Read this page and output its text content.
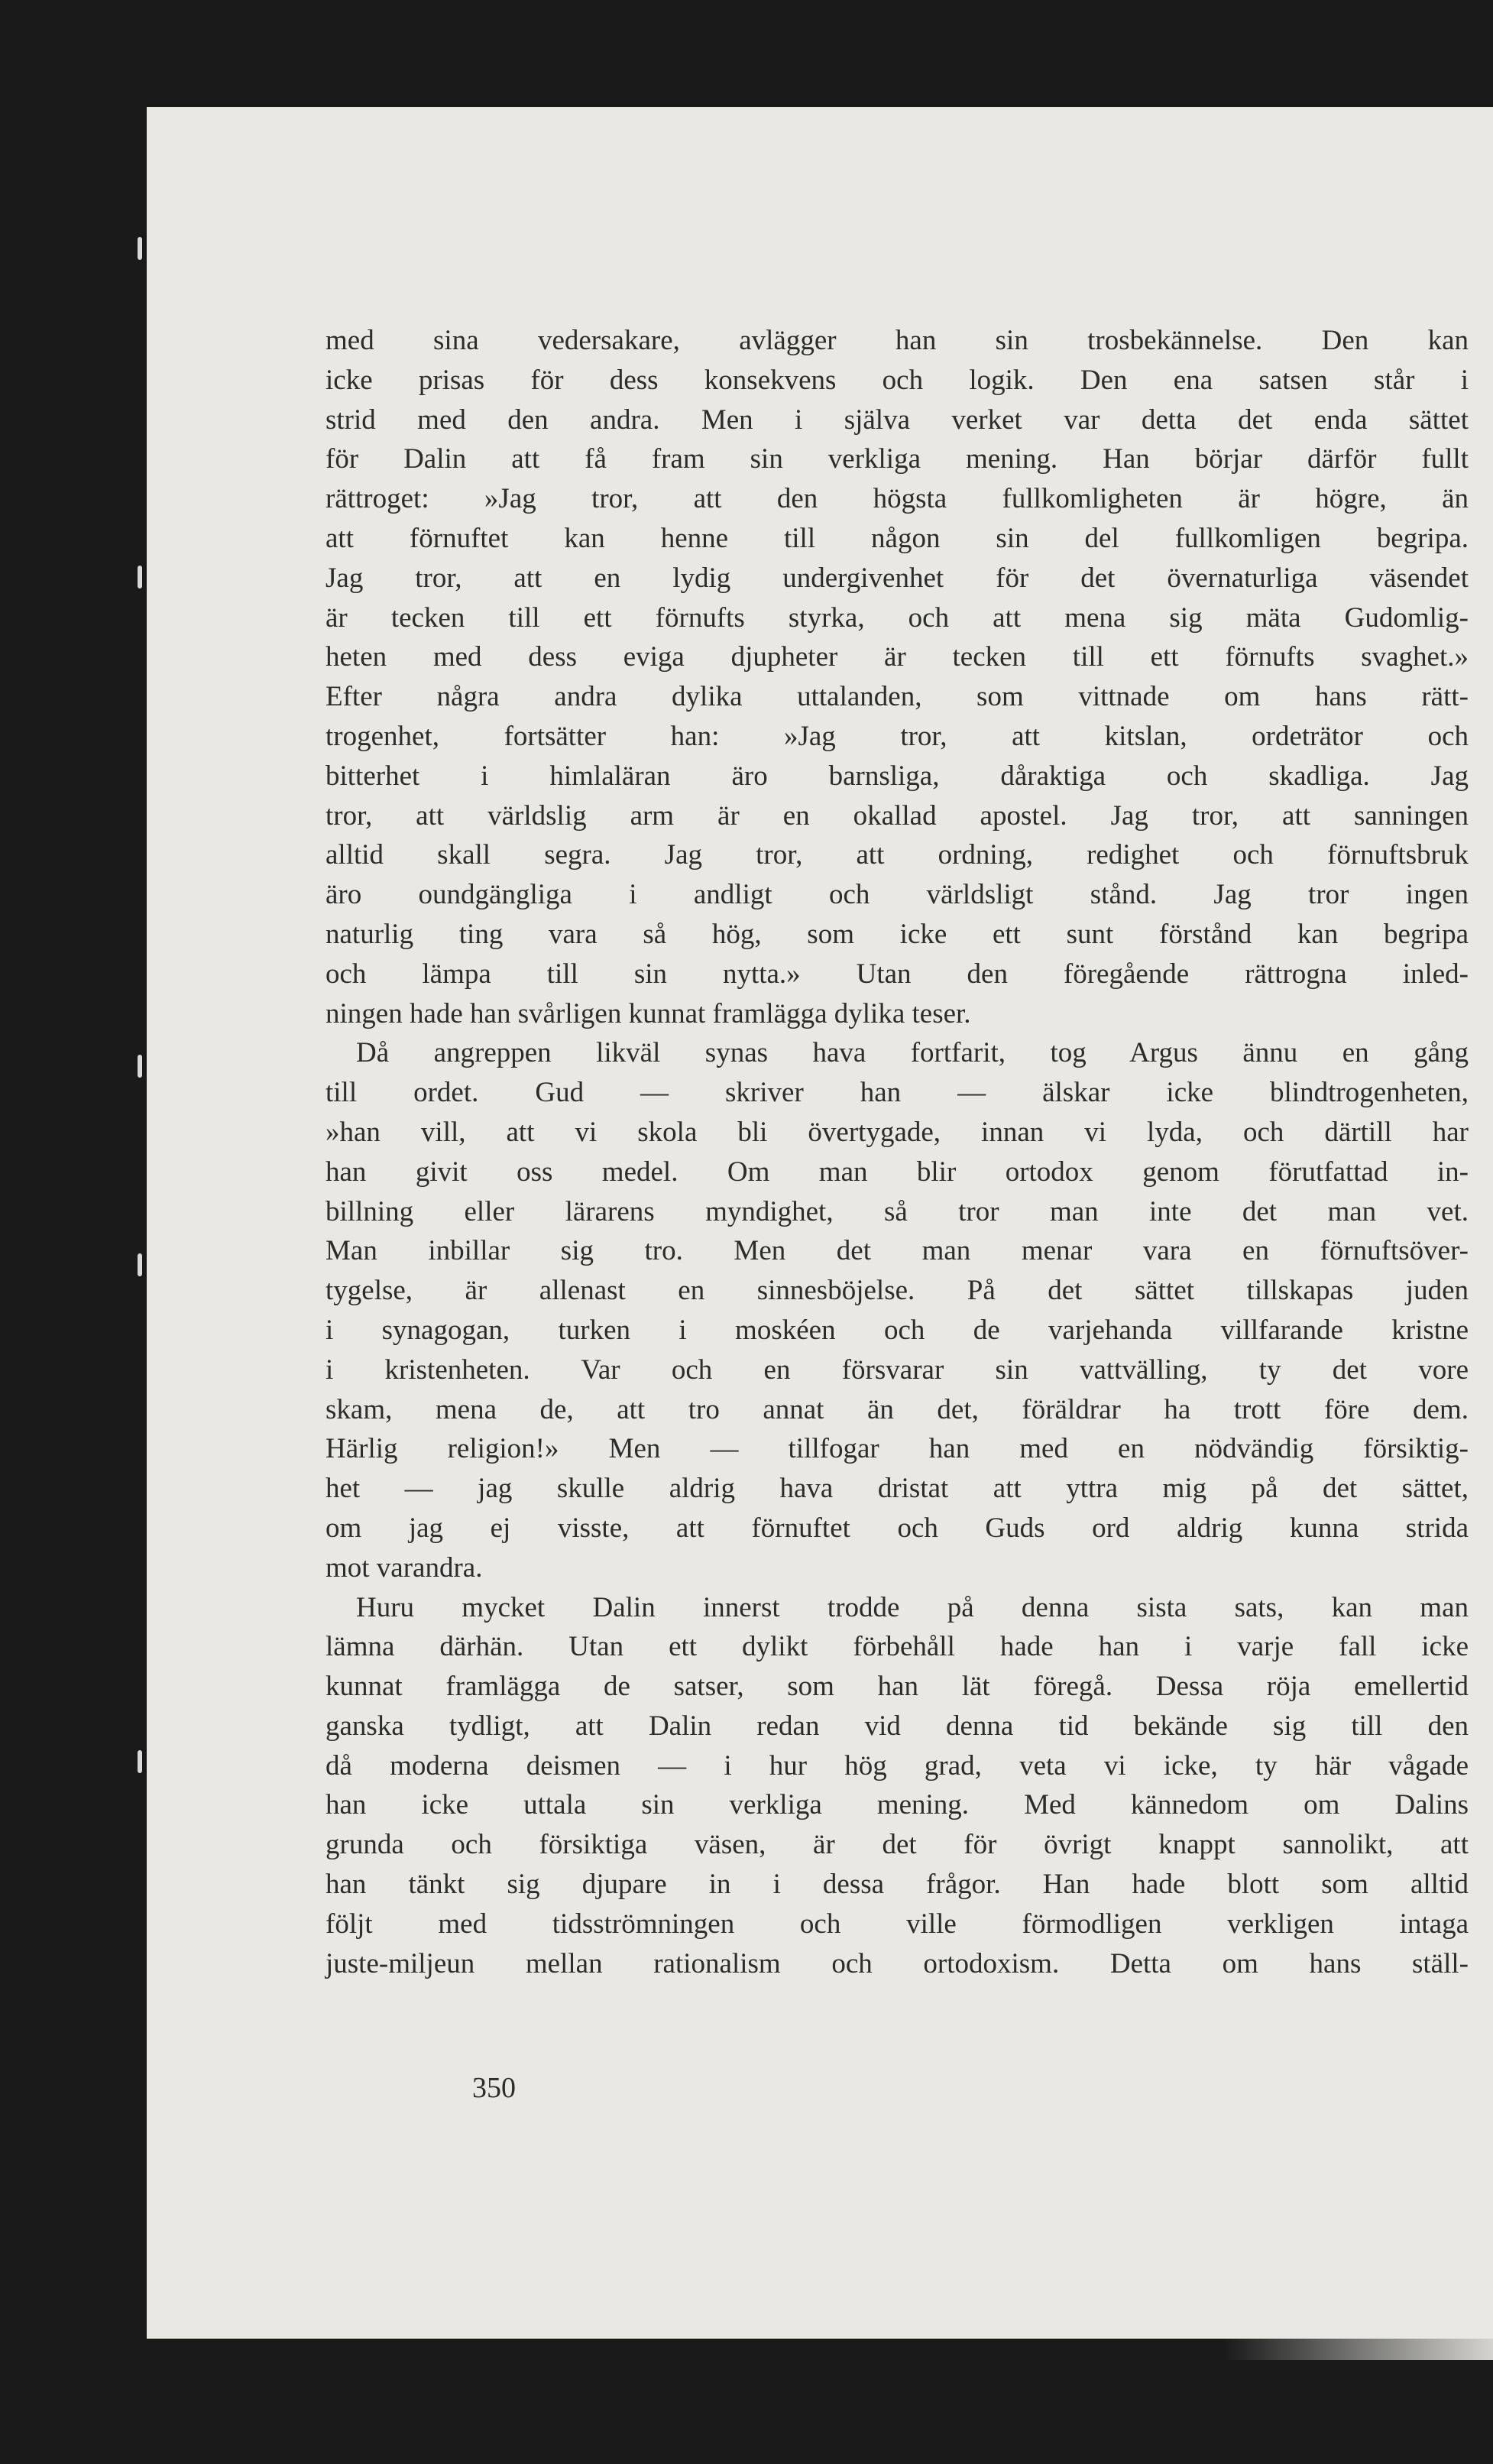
med sina vedersakare, avlägger han sin trosbekännelse. Den kan
icke prisas för dess konsekvens och logik. Den ena satsen står i
strid med den andra. Men i själva verket var detta det enda sättet
för Dalin att få fram sin verkliga mening. Han börjar därför fullt
rättroget: »Jag tror, att den högsta fullkomligheten är högre, än
att förnuftet kan henne till någon sin del fullkomligen begripa.
Jag tror, att en lydig undergivenhet för det övernaturliga väsendet
är tecken till ett förnufts styrka, och att mena sig mäta Gudomlig-
heten med dess eviga djupheter är tecken till ett förnufts svaghet.»
Efter några andra dylika uttalanden, som vittnade om hans rätt-
trogenhet, fortsätter han: »Jag tror, att kitslan, ordeträtor och
bitterhet i himlaläran äro barnsliga, dåraktiga och skadliga. Jag
tror, att världslig arm är en okallad apostel. Jag tror, att sanningen
alltid skall segra. Jag tror, att ordning, redighet och förnuftsbruk
äro oundgängliga i andligt och världsligt stånd. Jag tror ingen
naturlig ting vara så hög, som icke ett sunt förstånd kan begripa
och lämpa till sin nytta.» Utan den föregående rättrogna inled-
ningen hade han svårligen kunnat framlägga dylika teser.
Då angreppen likväl synas hava fortfarit, tog Argus ännu en gång
till ordet. Gud — skriver han — älskar icke blindtrogenheten,
»han vill, att vi skola bli övertygade, innan vi lyda, och därtill har
han givit oss medel. Om man blir ortodox genom förutfattad in-
billning eller lärarens myndighet, så tror man inte det man vet.
Man inbillar sig tro. Men det man menar vara en förnuftsöver-
tygelse, är allenast en sinnesböjelse. På det sättet tillskapas juden
i synagogan, turken i moskéen och de varjehanda villfarande kristne
i kristenheten. Var och en försvarar sin vattvälling, ty det vore
skam, mena de, att tro annat än det, föräldrar ha trott före dem.
Härlig religion!» Men — tillfogar han med en nödvändig försiktig-
het — jag skulle aldrig hava dristat att yttra mig på det sättet,
om jag ej visste, att förnuftet och Guds ord aldrig kunna strida
mot varandra.
Huru mycket Dalin innerst trodde på denna sista sats, kan man
lämna därhän. Utan ett dylikt förbehåll hade han i varje fall icke
kunnat framlägga de satser, som han lät föregå. Dessa röja emellertid
ganska tydligt, att Dalin redan vid denna tid bekände sig till den
då moderna deismen — i hur hög grad, veta vi icke, ty här vågade
han icke uttala sin verkliga mening. Med kännedom om Dalins
grunda och försiktiga väsen, är det för övrigt knappt sannolikt, att
han tänkt sig djupare in i dessa frågor. Han hade blott som alltid
följt med tidsströmningen och ville förmodligen verkligen intaga
juste-miljeun mellan rationalism och ortodoxism. Detta om hans ställ-
350
